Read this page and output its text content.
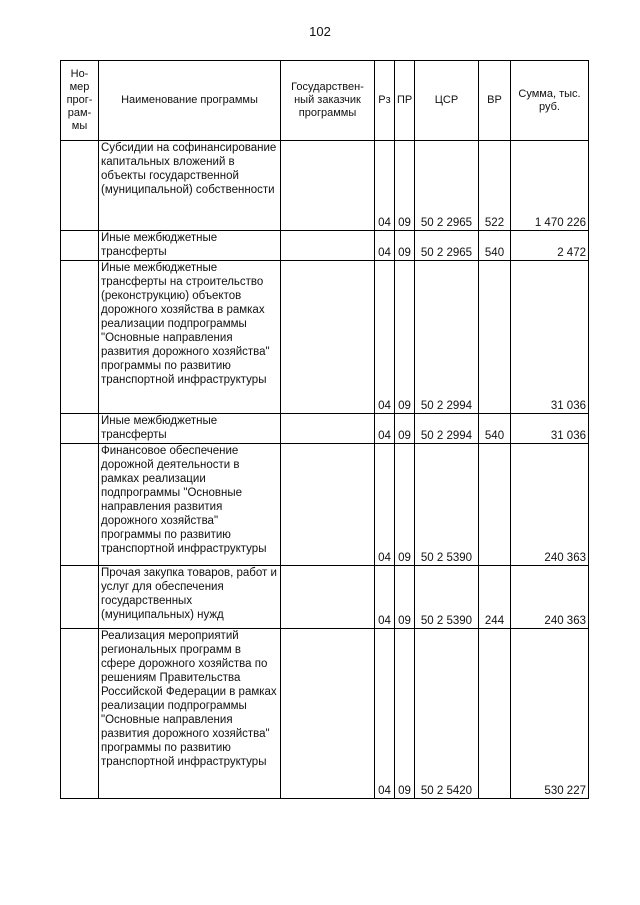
102
Но-мер прог-рам-мы	Наименование программы	Государствен-ный заказчик программы	Рз	ПР	ЦСР	ВР	Сумма, тыс. руб.
	Субсидии на софинансирование капитальных вложений в объекты государственной (муниципальной) собственности		04	09	50 2 2965	522	1 470 226
	Иные межбюджетные трансферты		04	09	50 2 2965	540	2 472
	Иные межбюджетные трансферты на строительство (реконструкцию) объектов дорожного хозяйства в рамках реализации подпрограммы "Основные направления развития дорожного хозяйства" программы по развитию транспортной инфраструктуры		04	09	50 2 2994		31 036
	Иные межбюджетные трансферты		04	09	50 2 2994	540	31 036
	Финансовое обеспечение дорожной деятельности в рамках реализации подпрограммы "Основные направления развития дорожного хозяйства" программы по развитию транспортной инфраструктуры		04	09	50 2 5390		240 363
	Прочая закупка товаров, работ и услуг для обеспечения государственных (муниципальных) нужд		04	09	50 2 5390	244	240 363
	Реализация мероприятий региональных программ в сфере дорожного хозяйства по решениям Правительства Российской Федерации в рамках реализации подпрограммы "Основные направления развития дорожного хозяйства" программы по развитию транспортной инфраструктуры		04	09	50 2 5420		530 227
